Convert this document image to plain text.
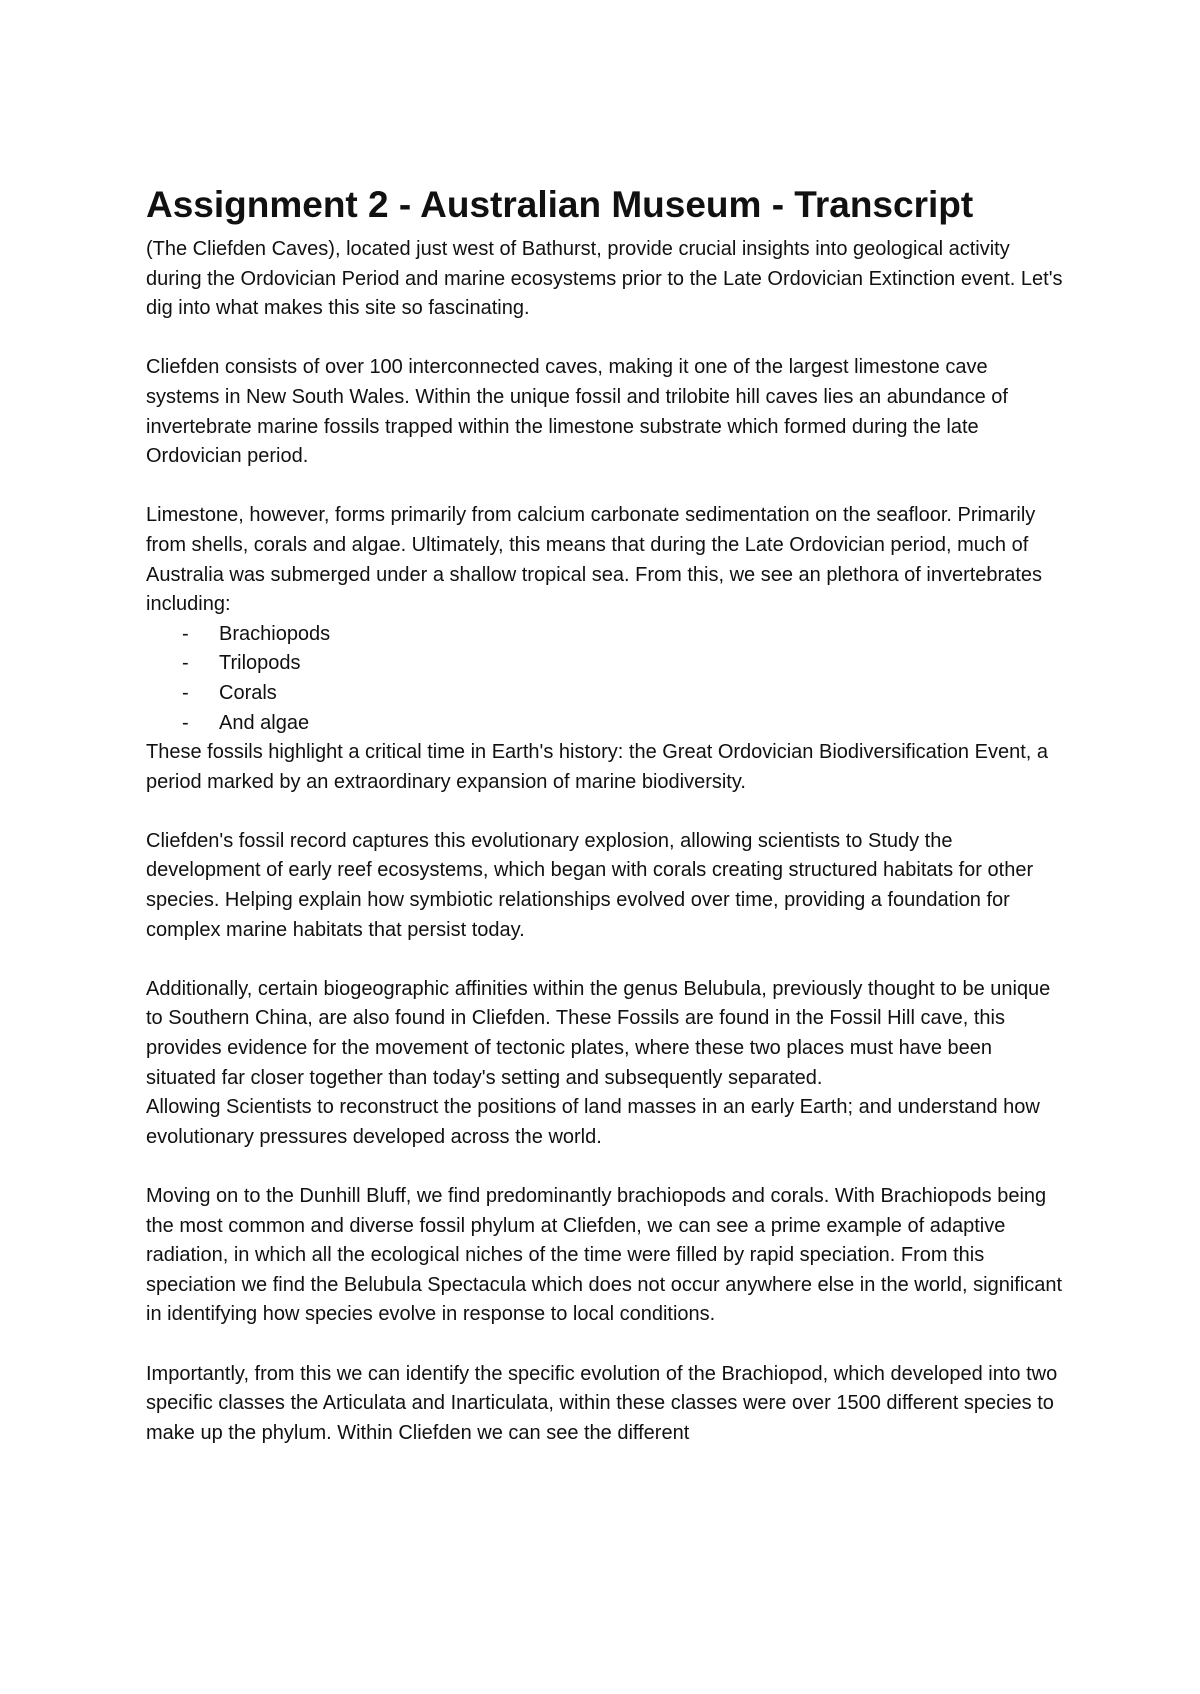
Assignment 2 - Australian Museum - Transcript

(The Cliefden Caves), located just west of Bathurst, provide crucial insights into geological activity during the Ordovician Period and marine ecosystems prior to the Late Ordovician Extinction event. Let's dig into what makes this site so fascinating.

Cliefden consists of over 100 interconnected caves, making it one of the largest limestone cave systems in New South Wales. Within the unique fossil and trilobite hill caves lies an abundance of invertebrate marine fossils trapped within the limestone substrate which formed during the late Ordovician period.

Limestone, however, forms primarily from calcium carbonate sedimentation on the seafloor. Primarily from shells, corals and algae. Ultimately, this means that during the Late Ordovician period, much of Australia was submerged under a shallow tropical sea. From this, we see an plethora of invertebrates including:

- Brachiopods
- Trilopods
- Corals
- And algae

These fossils highlight a critical time in Earth's history: the Great Ordovician Biodiversification Event, a period marked by an extraordinary expansion of marine biodiversity.

Cliefden's fossil record captures this evolutionary explosion, allowing scientists to Study the development of early reef ecosystems, which began with corals creating structured habitats for other species. Helping explain how symbiotic relationships evolved over time, providing a foundation for complex marine habitats that persist today.

Additionally, certain biogeographic affinities within the genus Belubula, previously thought to be unique to Southern China, are also found in Cliefden. These Fossils are found in the Fossil Hill cave, this provides evidence for the movement of tectonic plates, where these two places must have been situated far closer together than today's setting and subsequently separated.

Allowing Scientists to reconstruct the positions of land masses in an early Earth; and understand how evolutionary pressures developed across the world.

Moving on to the Dunhill Bluff, we find predominantly brachiopods and corals. With Brachiopods being the most common and diverse fossil phylum at Cliefden, we can see a prime example of adaptive radiation, in which all the ecological niches of the time were filled by rapid speciation. From this speciation we find the Belubula Spectacula which does not occur anywhere else in the world, significant in identifying how species evolve in response to local conditions.

Importantly, from this we can identify the specific evolution of the Brachiopod, which developed into two specific classes the Articulata and Inarticulata, within these classes were over 1500 different species to make up the phylum. Within Cliefden we can see the different
